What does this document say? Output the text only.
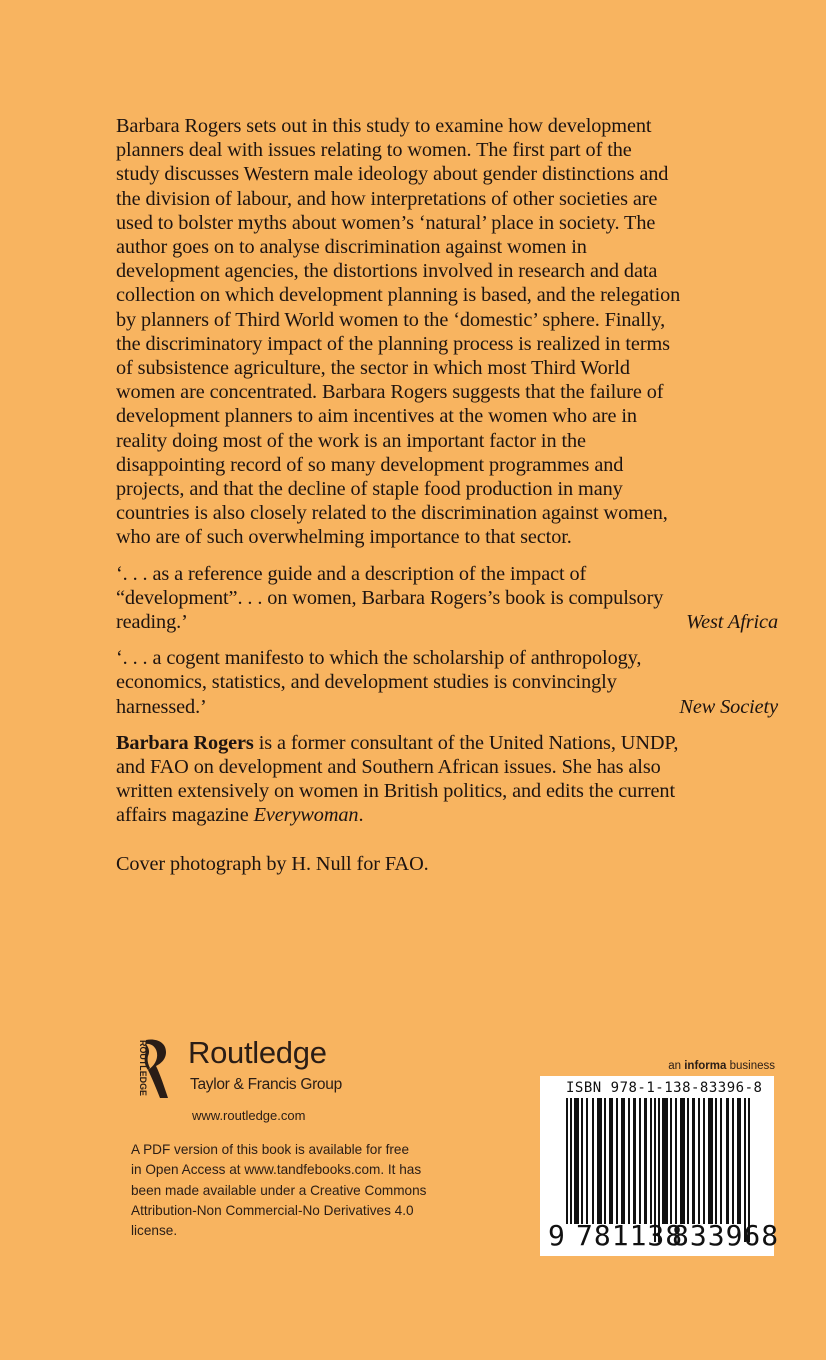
Barbara Rogers sets out in this study to examine how development

planners deal with issues relating to women. The first part of the

study discusses Western male ideology about gender distinctions and

the division of labour, and how interpretations of other societies are

used to bolster myths about women’s ‘natural’ place in society. The

author goes on to analyse discrimination against women in

development agencies, the distortions involved in research and data

collection on which development planning is based, and the relegation

by planners of Third World women to the ‘domestic’ sphere. Finally,

the discriminatory impact of the planning process is realized in terms

of subsistence agriculture, the sector in which most Third World

women are concentrated. Barbara Rogers suggests that the failure of

development planners to aim incentives at the women who are in

reality doing most of the work is an important factor in the

disappointing record of so many development programmes and

projects, and that the decline of staple food production in many

countries is also closely related to the discrimination against women,

who are of such overwhelming importance to that sector.

‘. . . as a reference guide and a description of the impact of
“development”. . . on women, Barbara Rogers’s book is compulsory
reading.’	West Africa
‘. . . a cogent manifesto to which the scholarship of anthropology,
economics, statistics, and development studies is convincingly
harnessed.’	New Society
Barbara Rogers is a former consultant of the United Nations, UNDP,
and FAO on development and Southern African issues. She has also
written extensively on women in British politics, and edits the current
affairs magazine Everywoman.
Cover photograph by H. Null for FAO.
ROUTLEDGE Routledge
Taylor & Francis Group
www.routledge.com
A PDF version of this book is available for free
in Open Access at www.tandfebooks.com. It has
been made available under a Creative Commons
Attribution-Non Commercial-No Derivatives 4.0
license.
an informa business
ISBN 978-1-138-83396-8
9 781138
833968
